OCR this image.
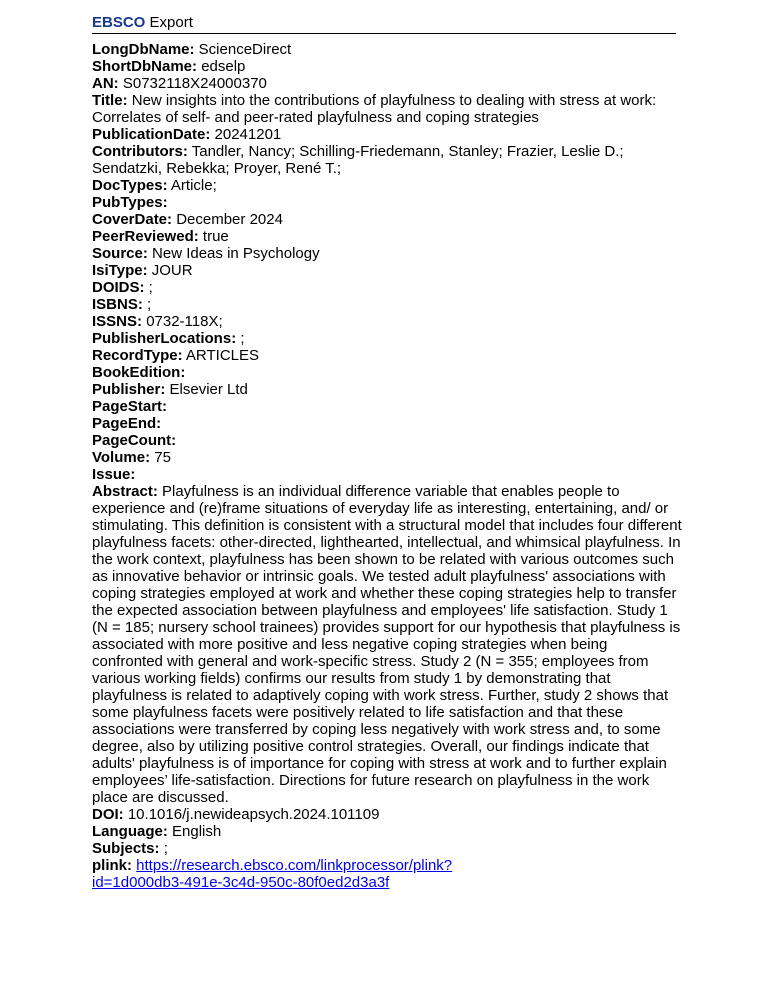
EBSCO Export

LongDbName: ScienceDirect

ShortDbName: edselp

AN: S0732118X24000370

Title: New insights into the contributions of playfulness to dealing with stress at work: Correlates of self- and peer-rated playfulness and coping strategies

PublicationDate: 20241201

Contributors: Tandler, Nancy; Schilling-Friedemann, Stanley; Frazier, Leslie D.; Sendatzki, Rebekka; Proyer, René T.;

DocTypes: Article;

PubTypes:

CoverDate: December 2024

PeerReviewed: true

Source: New Ideas in Psychology

IsiType: JOUR

DOIDS: ;

ISBNS: ;

ISSNS: 0732-118X;

PublisherLocations: ;

RecordType: ARTICLES

BookEdition:

Publisher: Elsevier Ltd

PageStart:

PageEnd:

PageCount:

Volume: 75

Issue:

Abstract: Playfulness is an individual difference variable that enables people to experience and (re)frame situations of everyday life as interesting, entertaining, and/ or stimulating. This definition is consistent with a structural model that includes four different playfulness facets: other-directed, lighthearted, intellectual, and whimsical playfulness. In the work context, playfulness has been shown to be related with various outcomes such as innovative behavior or intrinsic goals. We tested adult playfulness' associations with coping strategies employed at work and whether these coping strategies help to transfer the expected association between playfulness and employees' life satisfaction. Study 1 (N = 185; nursery school trainees) provides support for our hypothesis that playfulness is associated with more positive and less negative coping strategies when being confronted with general and work-specific stress. Study 2 (N = 355; employees from various working fields) confirms our results from study 1 by demonstrating that playfulness is related to adaptively coping with work stress. Further, study 2 shows that some playfulness facets were positively related to life satisfaction and that these associations were transferred by coping less negatively with work stress and, to some degree, also by utilizing positive control strategies. Overall, our findings indicate that adults' playfulness is of importance for coping with stress at work and to further explain employees’ life-satisfaction. Directions for future research on playfulness in the work place are discussed.

DOI: 10.1016/j.newideapsych.2024.101109

Language: English

Subjects: ;

plink: https://research.ebsco.com/linkprocessor/plink?
id=1d000db3-491e-3c4d-950c-80f0ed2d3a3f
